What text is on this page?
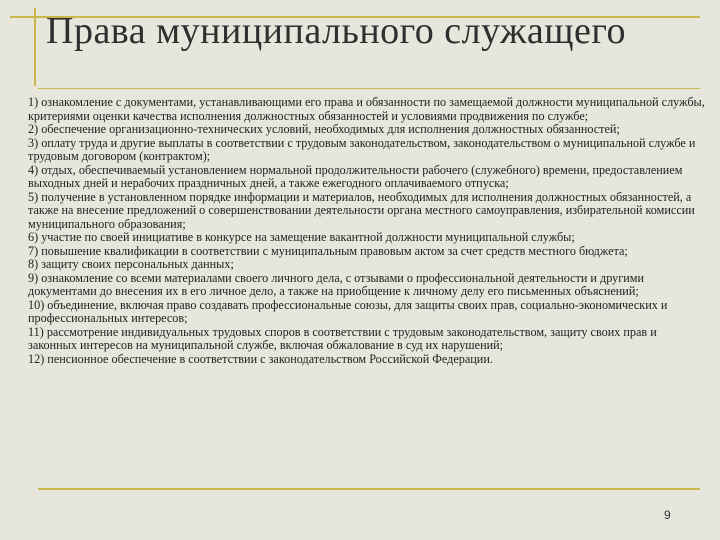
Права муниципального служащего

1) ознакомление с документами, устанавливающими его права и обязанности по замещаемой должности муниципальной службы, критериями оценки качества исполнения должностных обязанностей и условиями продвижения по службе;

2) обеспечение организационно-технических условий, необходимых для исполнения должностных обязанностей;

3) оплату труда и другие выплаты в соответствии с трудовым законодательством, законодательством о муниципальной службе и трудовым договором (контрактом);

4) отдых, обеспечиваемый установлением нормальной продолжительности рабочего (служебного) времени, предоставлением выходных дней и нерабочих праздничных дней, а также ежегодного оплачиваемого отпуска;

5) получение в установленном порядке информации и материалов, необходимых для исполнения должностных обязанностей, а также на внесение предложений о совершенствовании деятельности органа местного самоуправления, избирательной комиссии муниципального образования;

6) участие по своей инициативе в конкурсе на замещение вакантной должности муниципальной службы;

7) повышение квалификации в соответствии с муниципальным правовым актом за счет средств местного бюджета;

8) защиту своих персональных данных;

9) ознакомление со всеми материалами своего личного дела, с отзывами о профессиональной деятельности и другими документами до внесения их в его личное дело, а также на приобщение к личному делу его письменных объяснений;

10) объединение, включая право создавать профессиональные союзы, для защиты своих прав, социально-экономических и профессиональных интересов;

11) рассмотрение индивидуальных трудовых споров в соответствии с трудовым законодательством, защиту своих прав и законных интересов на муниципальной службе, включая обжалование в суд их нарушений;

12) пенсионное обеспечение в соответствии с законодательством Российской Федерации.

9
